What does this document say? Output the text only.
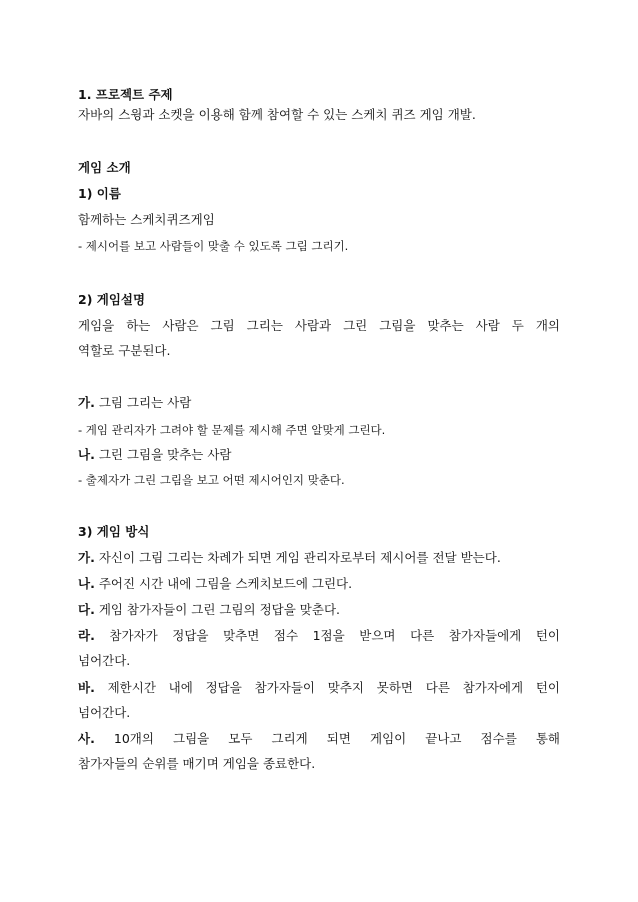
1. 프로젝트 주제

자바의 스윙과 소켓을 이용해 함께 참여할 수 있는 스케치 퀴즈 게임 개발.

게임 소개

1) 이름

함께하는 스케치퀴즈게임

- 제시어를 보고 사람들이 맞출 수 있도록 그림 그리기.

2) 게임설명

게임을 하는 사람은 그림 그리는 사람과 그린 그림을 맞추는 사람 두 개의

역할로 구분된다.

가. 그림 그리는 사람

- 게임 관리자가 그려야 할 문제를 제시해 주면 알맞게 그린다.

나. 그린 그림을 맞추는 사람

- 출제자가 그린 그림을 보고 어떤 제시어인지 맞춘다.

3) 게임 방식

가. 자신이 그림 그리는 차례가 되면 게임 관리자로부터 제시어를 전달 받는다.

나. 주어진 시간 내에 그림을 스케치보드에 그린다.

다. 게임 참가자들이 그린 그림의 정답을 맞춘다.

라. 참가자가 정답을 맞추면 점수 1점을 받으며 다른 참가자들에게 턴이

넘어간다.

바. 제한시간 내에 정답을 참가자들이 맞추지 못하면 다른 참가자에게 턴이

넘어간다.

사. 10개의 그림을 모두 그리게 되면 게임이 끝나고 점수를 통해

참가자들의 순위를 매기며 게임을 종료한다.
